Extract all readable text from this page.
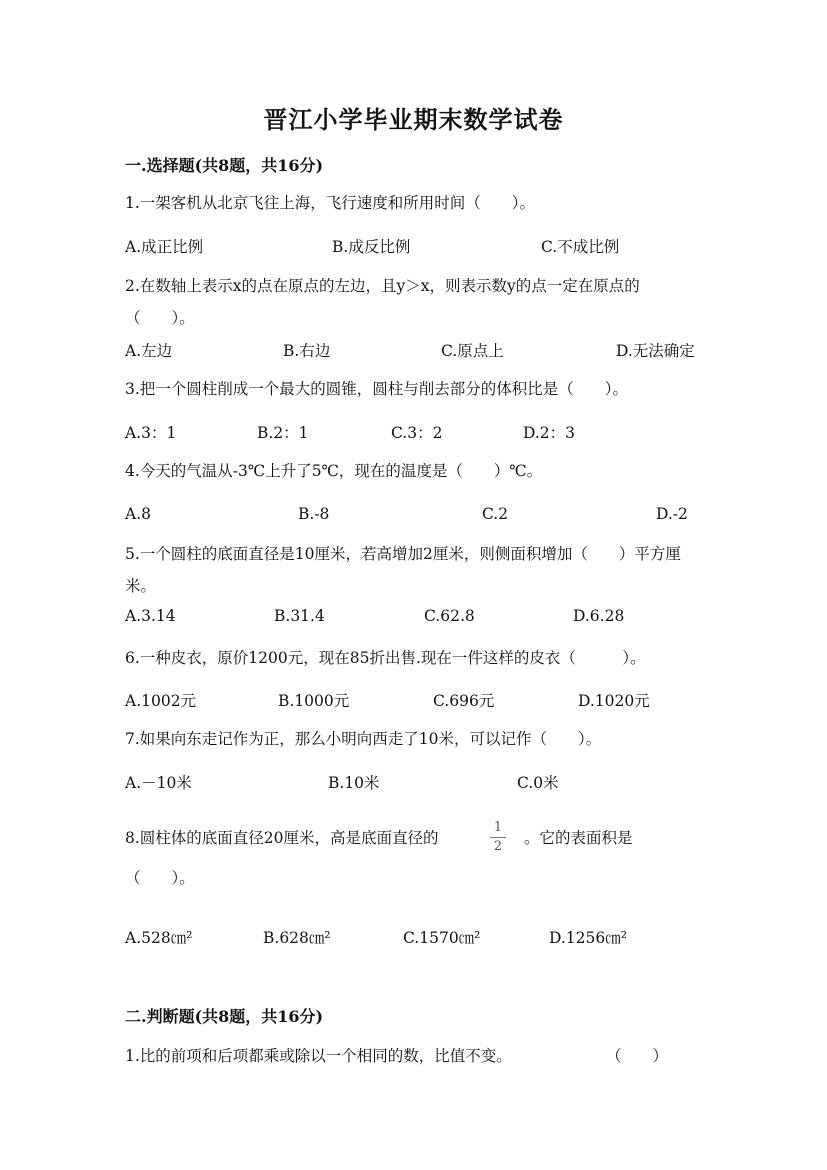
晋江小学毕业期末数学试卷
一.选择题(共8题，共16分)
1.一架客机从北京飞往上海，飞行速度和所用时间（　　）。
A.成正比例	B.成反比例	C.不成比例
2.在数轴上表示x的点在原点的左边，且y＞x，则表示数y的点一定在原点的（　　）。
A.左边	B.右边	C.原点上	D.无法确定
3.把一个圆柱削成一个最大的圆锥，圆柱与削去部分的体积比是（　　）。
A.3：1	B.2：1	C.3：2	D.2：3
4.今天的气温从-3℃上升了5℃，现在的温度是（　　）℃。
A.8	B.-8	C.2	D.-2
5.一个圆柱的底面直径是10厘米，若高增加2厘米，则侧面积增加（　　）平方厘米。
A.3.14	B.31.4	C.62.8	D.6.28
6.一种皮衣，原价1200元，现在85折出售.现在一件这样的皮衣（　　　）。
A.1002元	B.1000元	C.696元	D.1020元
7.如果向东走记作为正，那么小明向西走了10米，可以记作（　　）。
A.－10米	B.10米	C.0米
8.圆柱体的底面直径20厘米，高是底面直径的
1
2 。它的表面积是
（　　）。
A.528㎝²	B.628㎝²	C.1570㎝²	D.1256㎝²
二.判断题(共8题，共16分)
1.比的前项和后项都乘或除以一个相同的数，比值不变。	（　　）
